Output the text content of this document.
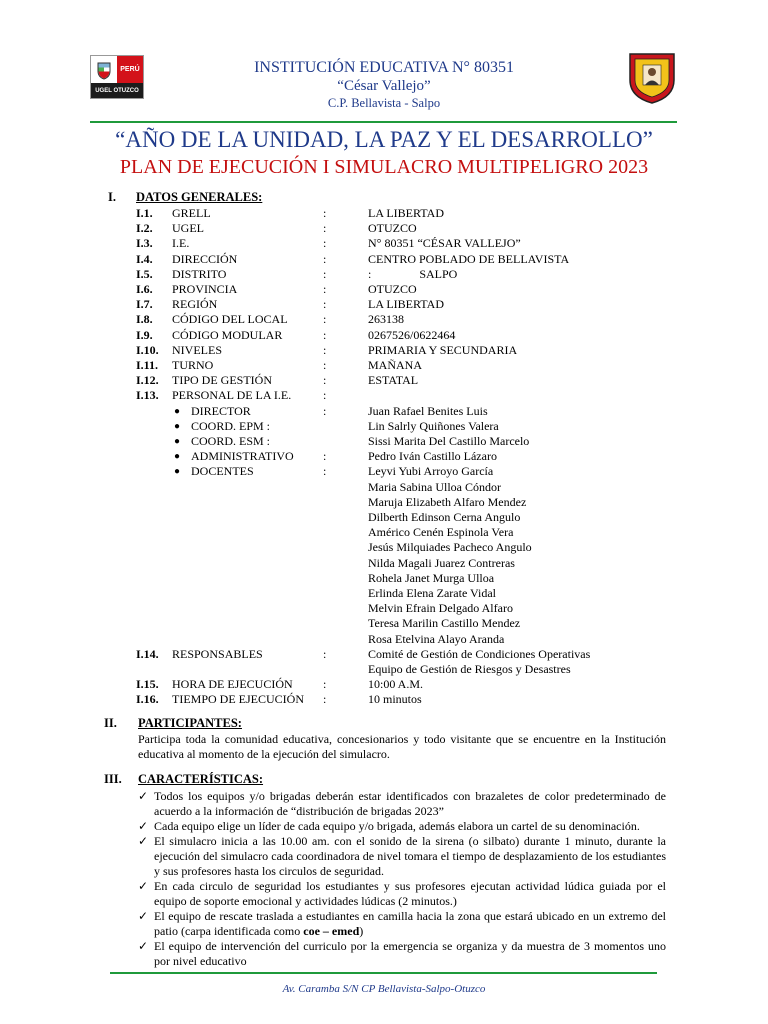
PERÚ
UGEL OTUZCO
INSTITUCIÓN EDUCATIVA N° 80351
“César Vallejo”
C.P. Bellavista - Salpo
“AÑO DE LA UNIDAD, LA PAZ Y EL DESARROLLO”
PLAN DE EJECUCIÓN I SIMULACRO MULTIPELIGRO 2023
I. DATOS GENERALES:
I.1. GRELL	:	LA LIBERTAD
I.2. UGEL	:	OTUZCO
I.3. I.E.	:	N° 80351 “CÉSAR VALLEJO”
I.4. DIRECCIÓN	:	CENTRO POBLADO DE BELLAVISTA
I.5. DISTRITO	:	:                SALPO
I.6. PROVINCIA	:	OTUZCO
I.7. REGIÓN	:	LA LIBERTAD
I.8. CÓDIGO DEL LOCAL	:	263138
I.9. CÓDIGO MODULAR	:	0267526/0622464
I.10. NIVELES	:	PRIMARIA Y SECUNDARIA
I.11. TURNO	:	MAÑANA
I.12. TIPO DE GESTIÓN	:	ESTATAL
I.13. PERSONAL DE LA I.E.	:
● DIRECTOR	:	Juan Rafael Benites Luis
● COORD. EPM :	Lin Salrly Quiñones Valera
● COORD. ESM :	Sissi Marita Del Castillo Marcelo
● ADMINISTRATIVO :	Pedro Iván Castillo Lázaro
● DOCENTES	:	Leyvi Yubi Arroyo García
Maria Sabina Ulloa Cóndor
Maruja Elizabeth Alfaro Mendez
Dilberth Edinson Cerna Angulo
Américo Cenén Espinola Vera
Jesús Milquiades Pacheco Angulo
Nilda Magali Juarez Contreras
Rohela Janet Murga Ulloa
Erlinda Elena Zarate Vidal
Melvin Efrain Delgado Alfaro
Teresa Marilin Castillo Mendez
Rosa Etelvina Alayo Aranda
I.14. RESPONSABLES	:	Comité de Gestión de Condiciones Operativas
Equipo de Gestión de Riesgos y Desastres
I.15. HORA DE EJECUCIÓN	:	10:00 A.M.
I.16. TIEMPO DE EJECUCIÓN :	10 minutos
II. PARTICIPANTES:
Participa toda la comunidad educativa, concesionarios y todo visitante que se encuentre en la Institución educativa al momento de la ejecución del simulacro.
III. CARACTERÍSTICAS:
✓ Todos los equipos y/o brigadas deberán estar identificados con brazaletes de color predeterminado de acuerdo a la información de “distribución de brigadas 2023”
✓ Cada equipo elige un líder de cada equipo y/o brigada, además elabora un cartel de su denominación.
✓ El simulacro inicia a las 10.00 am. con el sonido de la sirena (o silbato) durante 1 minuto, durante la ejecución del simulacro cada coordinadora de nivel tomara el tiempo de desplazamiento de los estudiantes y sus profesores hasta los circulos de seguridad.
✓ En cada circulo de seguridad los estudiantes y sus profesores ejecutan actividad lúdica guiada por el equipo de soporte emocional y actividades lúdicas (2 minutos.)
✓ El equipo de rescate traslada a estudiantes en camilla hacia la zona que estará ubicado en un extremo del patio (carpa identificada como coe – emed)
✓ El equipo de intervención del curriculo por la emergencia se organiza y da muestra de 3 momentos uno por nivel educativo
Av. Caramba S/N CP Bellavista-Salpo-Otuzco
